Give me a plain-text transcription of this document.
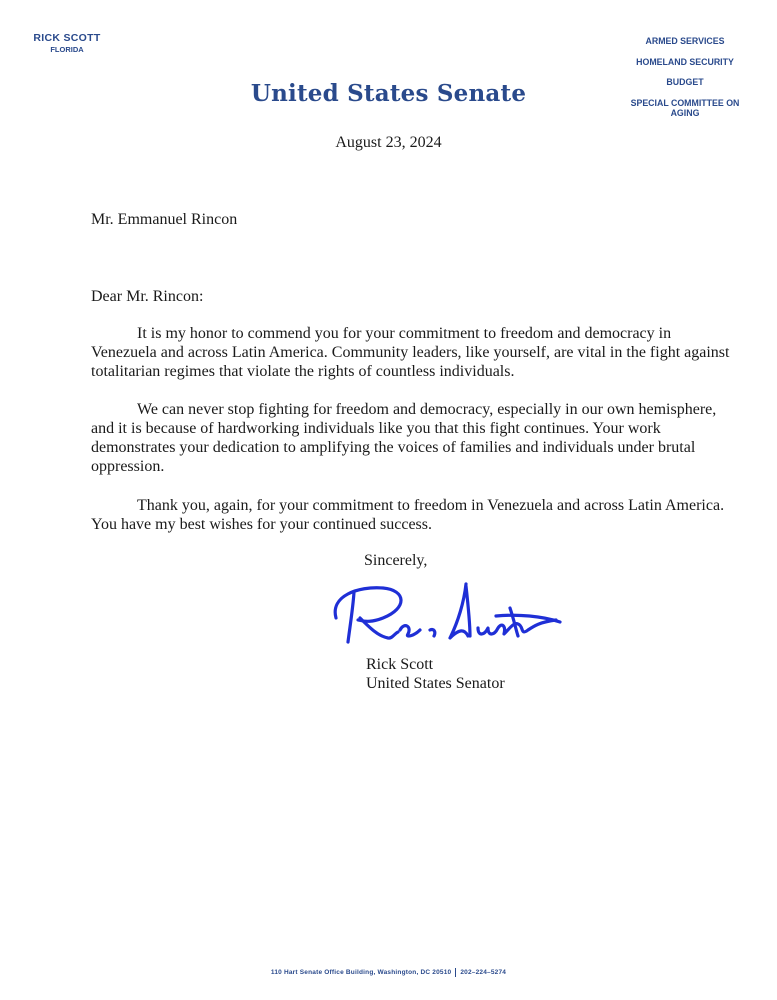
RICK SCOTT
FLORIDA
United States Senate
ARMED SERVICES
HOMELAND SECURITY
BUDGET
SPECIAL COMMITTEE ON AGING
August 23, 2024
Mr. Emmanuel Rincon
Dear Mr. Rincon:
It is my honor to commend you for your commitment to freedom and democracy in Venezuela and across Latin America. Community leaders, like yourself, are vital in the fight against totalitarian regimes that violate the rights of countless individuals.
We can never stop fighting for freedom and democracy, especially in our own hemisphere, and it is because of hardworking individuals like you that this fight continues. Your work demonstrates your dedication to amplifying the voices of families and individuals under brutal oppression.
Thank you, again, for your commitment to freedom in Venezuela and across Latin America. You have my best wishes for your continued success.
Sincerely,
Rick Scott
United States Senator
110 Hart Senate Office Building, Washington, DC 20510 202–224–5274
